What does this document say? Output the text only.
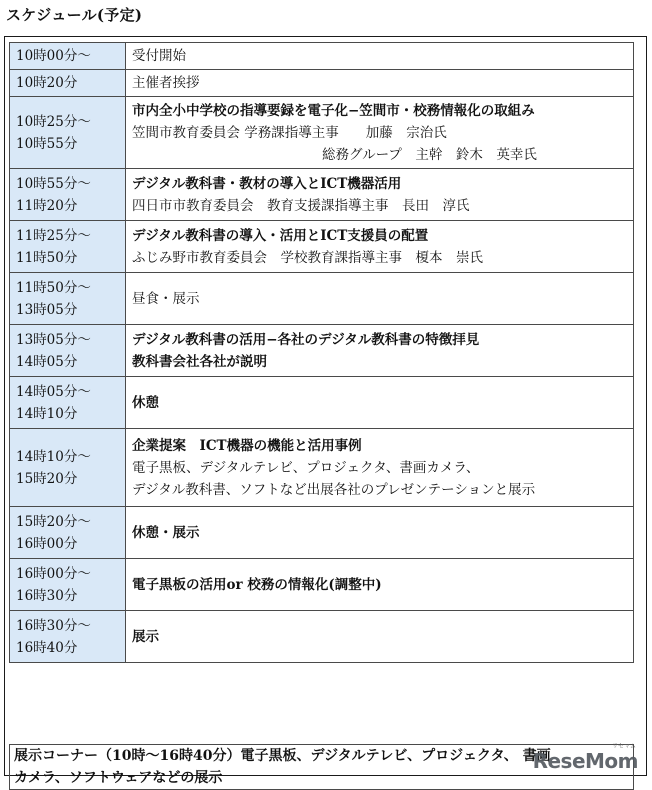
スケジュール(予定)
10時00分〜	受付開始

10時20分	主催者挨拶

10時25分〜
10時55分	市内全小中学校の指導要録を電子化−笠間市・校務情報化の取組み
笠間市教育委員会 学務課指導主事　　加藤　宗治氏
総務グループ　主幹　鈴木　英幸氏

10時55分〜
11時20分	デジタル教科書・教材の導入とICT機器活用
四日市市教育委員会　教育支援課指導主事　長田　淳氏

11時25分〜
11時50分	デジタル教科書の導入・活用とICT支援員の配置
ふじみ野市教育委員会　学校教育課指導主事　榎本　崇氏

11時50分〜
13時05分	昼食・展示

13時05分〜
14時05分	デジタル教科書の活用−各社のデジタル教科書の特徴拝見
教科書会社各社が説明

14時05分〜
14時10分	休憩

14時10分〜
15時20分	企業提案　ICT機器の機能と活用事例
電子黒板、デジタルテレビ、プロジェクタ、書画カメラ、
デジタル教科書、ソフトなど出展各社のプレゼンテーションと展示

15時20分〜
16時00分	休憩・展示

16時00分〜
16時30分	電子黒板の活用or 校務の情報化(調整中)

16時30分〜
16時40分	展示
展示コーナー（10時〜16時40分）電子黒板、デジタルテレビ、プロジェクタ、 書画
カメラ、ソフトウェアなどの展示
ReseMom
リセマム
